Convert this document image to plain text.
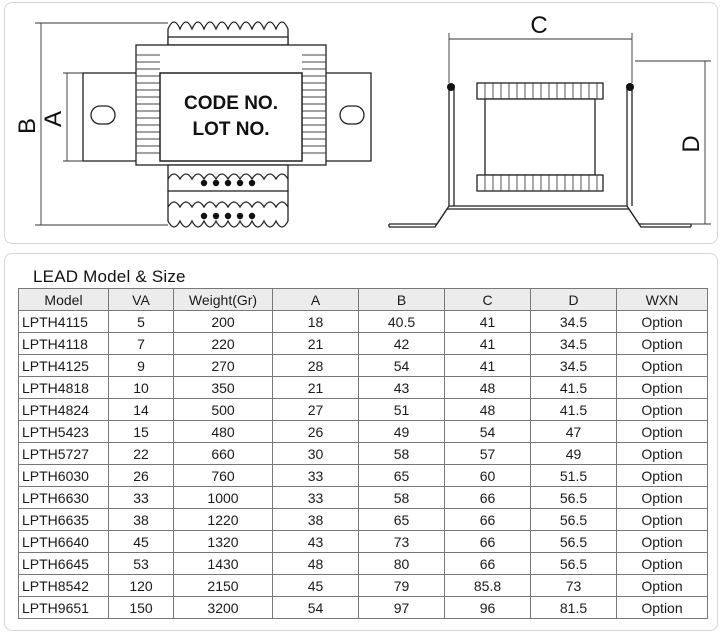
CODE NO.
LOT NO.
B A
C
D
LEAD Model & Size
Model	VA	Weight(Gr)	A	B	C	D	WXN
LPTH4115	5	200	18	40.5	41	34.5	Option
LPTH4118	7	220	21	42	41	34.5	Option
LPTH4125	9	270	28	54	41	34.5	Option
LPTH4818	10	350	21	43	48	41.5	Option
LPTH4824	14	500	27	51	48	41.5	Option
LPTH5423	15	480	26	49	54	47	Option
LPTH5727	22	660	30	58	57	49	Option
LPTH6030	26	760	33	65	60	51.5	Option
LPTH6630	33	1000	33	58	66	56.5	Option
LPTH6635	38	1220	38	65	66	56.5	Option
LPTH6640	45	1320	43	73	66	56.5	Option
LPTH6645	53	1430	48	80	66	56.5	Option
LPTH8542	120	2150	45	79	85.8	73	Option
LPTH9651	150	3200	54	97	96	81.5	Option
